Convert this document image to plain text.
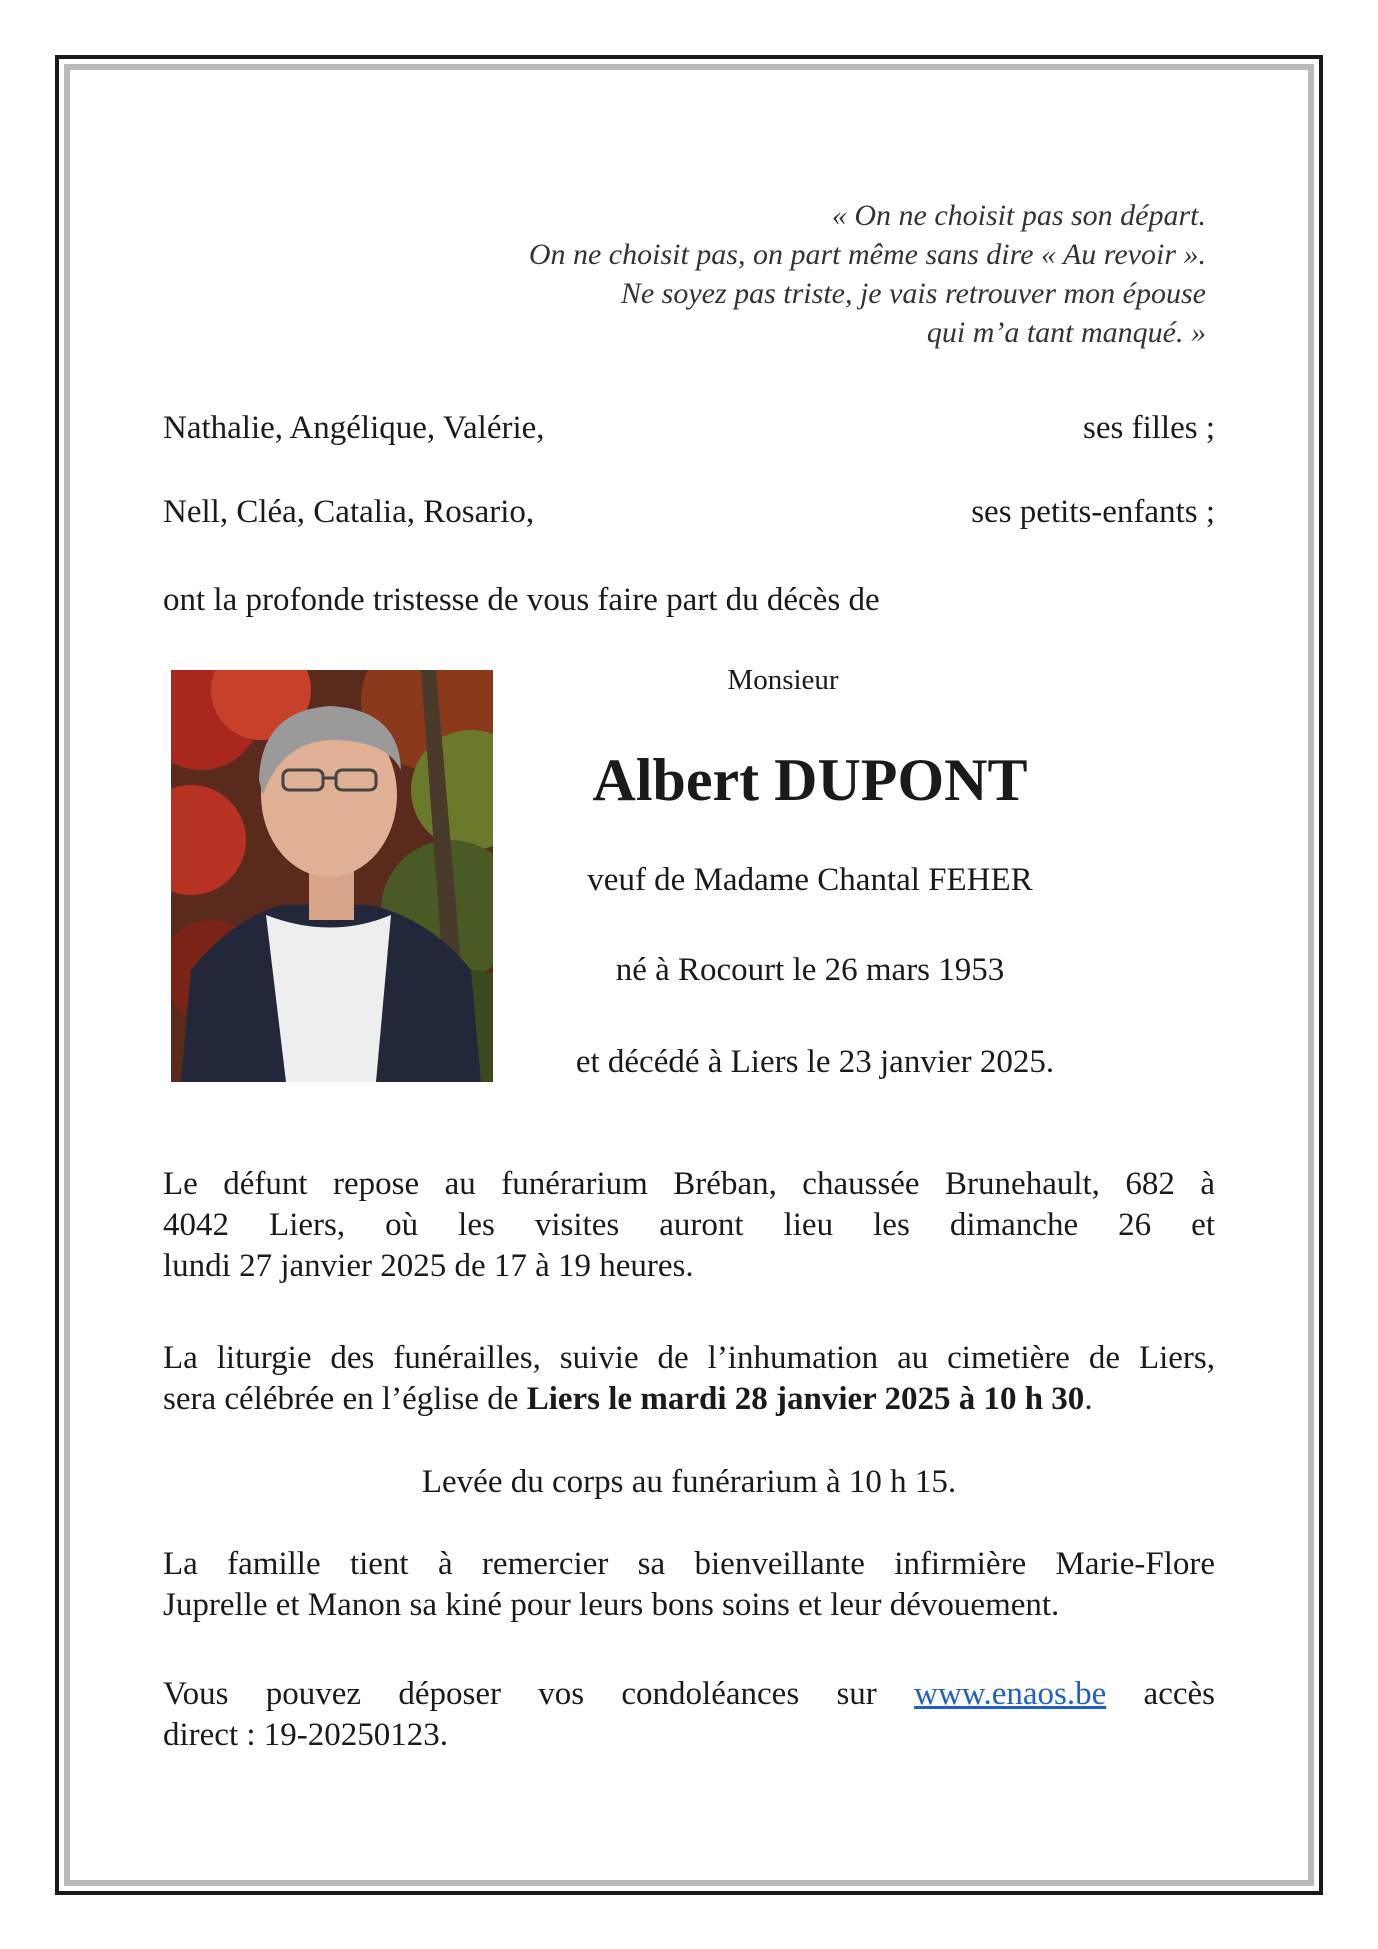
« On ne choisit pas son départ.
On ne choisit pas, on part même sans dire « Au revoir ».
Ne soyez pas triste, je vais retrouver mon épouse
qui m’a tant manqué. »
Nathalie, Angélique, Valérie,	ses filles ;
Nell, Cléa, Catalia, Rosario,	ses petits-enfants ;
ont la profonde tristesse de vous faire part du décès de
Monsieur
Albert DUPONT
veuf de Madame Chantal FEHER
né à Rocourt le 26 mars 1953
et décédé à Liers le 23 janvier 2025.
Le défunt repose au funérarium Bréban, chaussée Brunehault, 682 à
4042 Liers, où les visites auront lieu les dimanche 26 et
lundi 27 janvier 2025 de 17 à 19 heures.
La liturgie des funérailles, suivie de l’inhumation au cimetière de Liers,
sera célébrée en l’église de Liers le mardi 28 janvier 2025 à 10 h 30.
Levée du corps au funérarium à 10 h 15.
La famille tient à remercier sa bienveillante infirmière Marie-Flore
Juprelle et Manon sa kiné pour leurs bons soins et leur dévouement.
Vous pouvez déposer vos condoléances sur www.enaos.be accès
direct : 19-20250123.
